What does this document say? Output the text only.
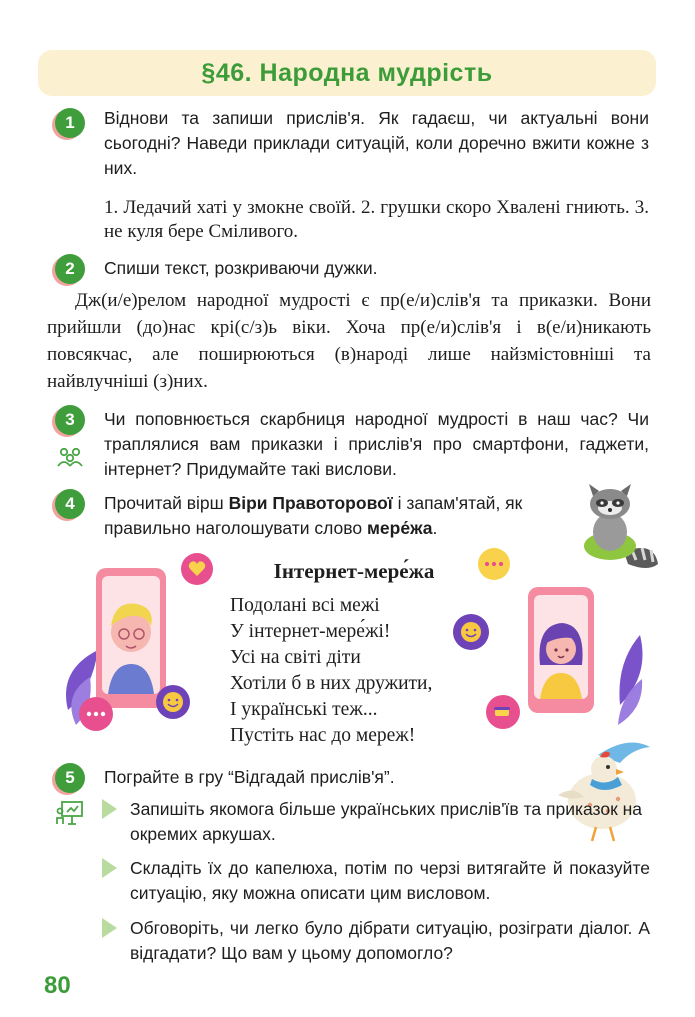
§46. Народна мудрість
1	Віднови та запиши прислів'я. Як гадаєш, чи актуальні вони сьогодні? Наведи приклади ситуацій, коли доречно вжити кожне з них.
1. Ледачий хаті у змокне своїй. 2. грушки скоро Хвалені гниють. 3. не куля бере Сміливого.
2	Спиши текст, розкриваючи дужки.
Дж(и/е)релом народної мудрості є пр(е/и)слів'я та приказки. Вони прийшли (до)нас крі(с/з)ь віки. Хоча пр(е/и)слів'я і в(е/и)никають повсякчас, але поширюються (в)народі лише найзмістовніші та найвлучніші (з)них.
3	Чи поповнюється скарбниця народної мудрості в наш час? Чи траплялися вам приказки і прислів'я про смартфони, гаджети, інтернет? Придумайте такі вислови.
4	Прочитай вірш Віри Правоторової і запам'ятай, як правильно наголошувати слово мере́жа.
Інтернет-мере́жа
Подолані всі межі
У інтернет-мере́жі!
Усі на світі діти
Хотіли б в них дружити,
І українські теж...
Пустіть нас до мереж!
5	Пограйте в гру “Відгадай прислів'я”.
Запишіть якомога більше українських прислів'їв та приказок на окремих аркушах.
Складіть їх до капелюха, потім по черзі витягайте й показуйте ситуацію, яку можна описати цим висловом.
Обговоріть, чи легко було дібрати ситуацію, розіграти діалог. А відгадати? Що вам у цьому допомогло?
80
